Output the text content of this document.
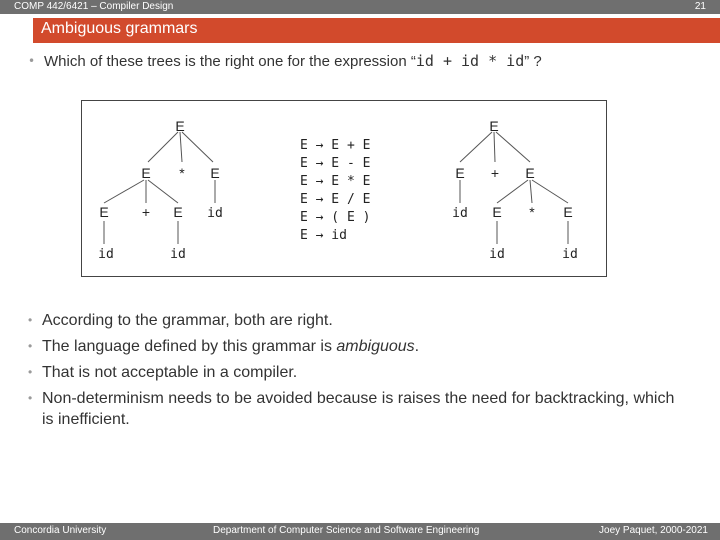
COMP 442/6421 – Compiler Design	21
Ambiguous grammars
• Which of these trees is the right one for the expression “id + id * id” ?
E
E * E
E + E id
id	id
E → E + E
E → E - E
E → E * E
E → E / E
E → ( E )
E → id
E
E + E
id E * E
id	id
• According to the grammar, both are right.
• The language defined by this grammar is ambiguous.
• That is not acceptable in a compiler.
• Non-determinism needs to be avoided because is raises the need for backtracking, which is inefficient.
Concordia University	Department of Computer Science and Software Engineering	Joey Paquet, 2000-2021
